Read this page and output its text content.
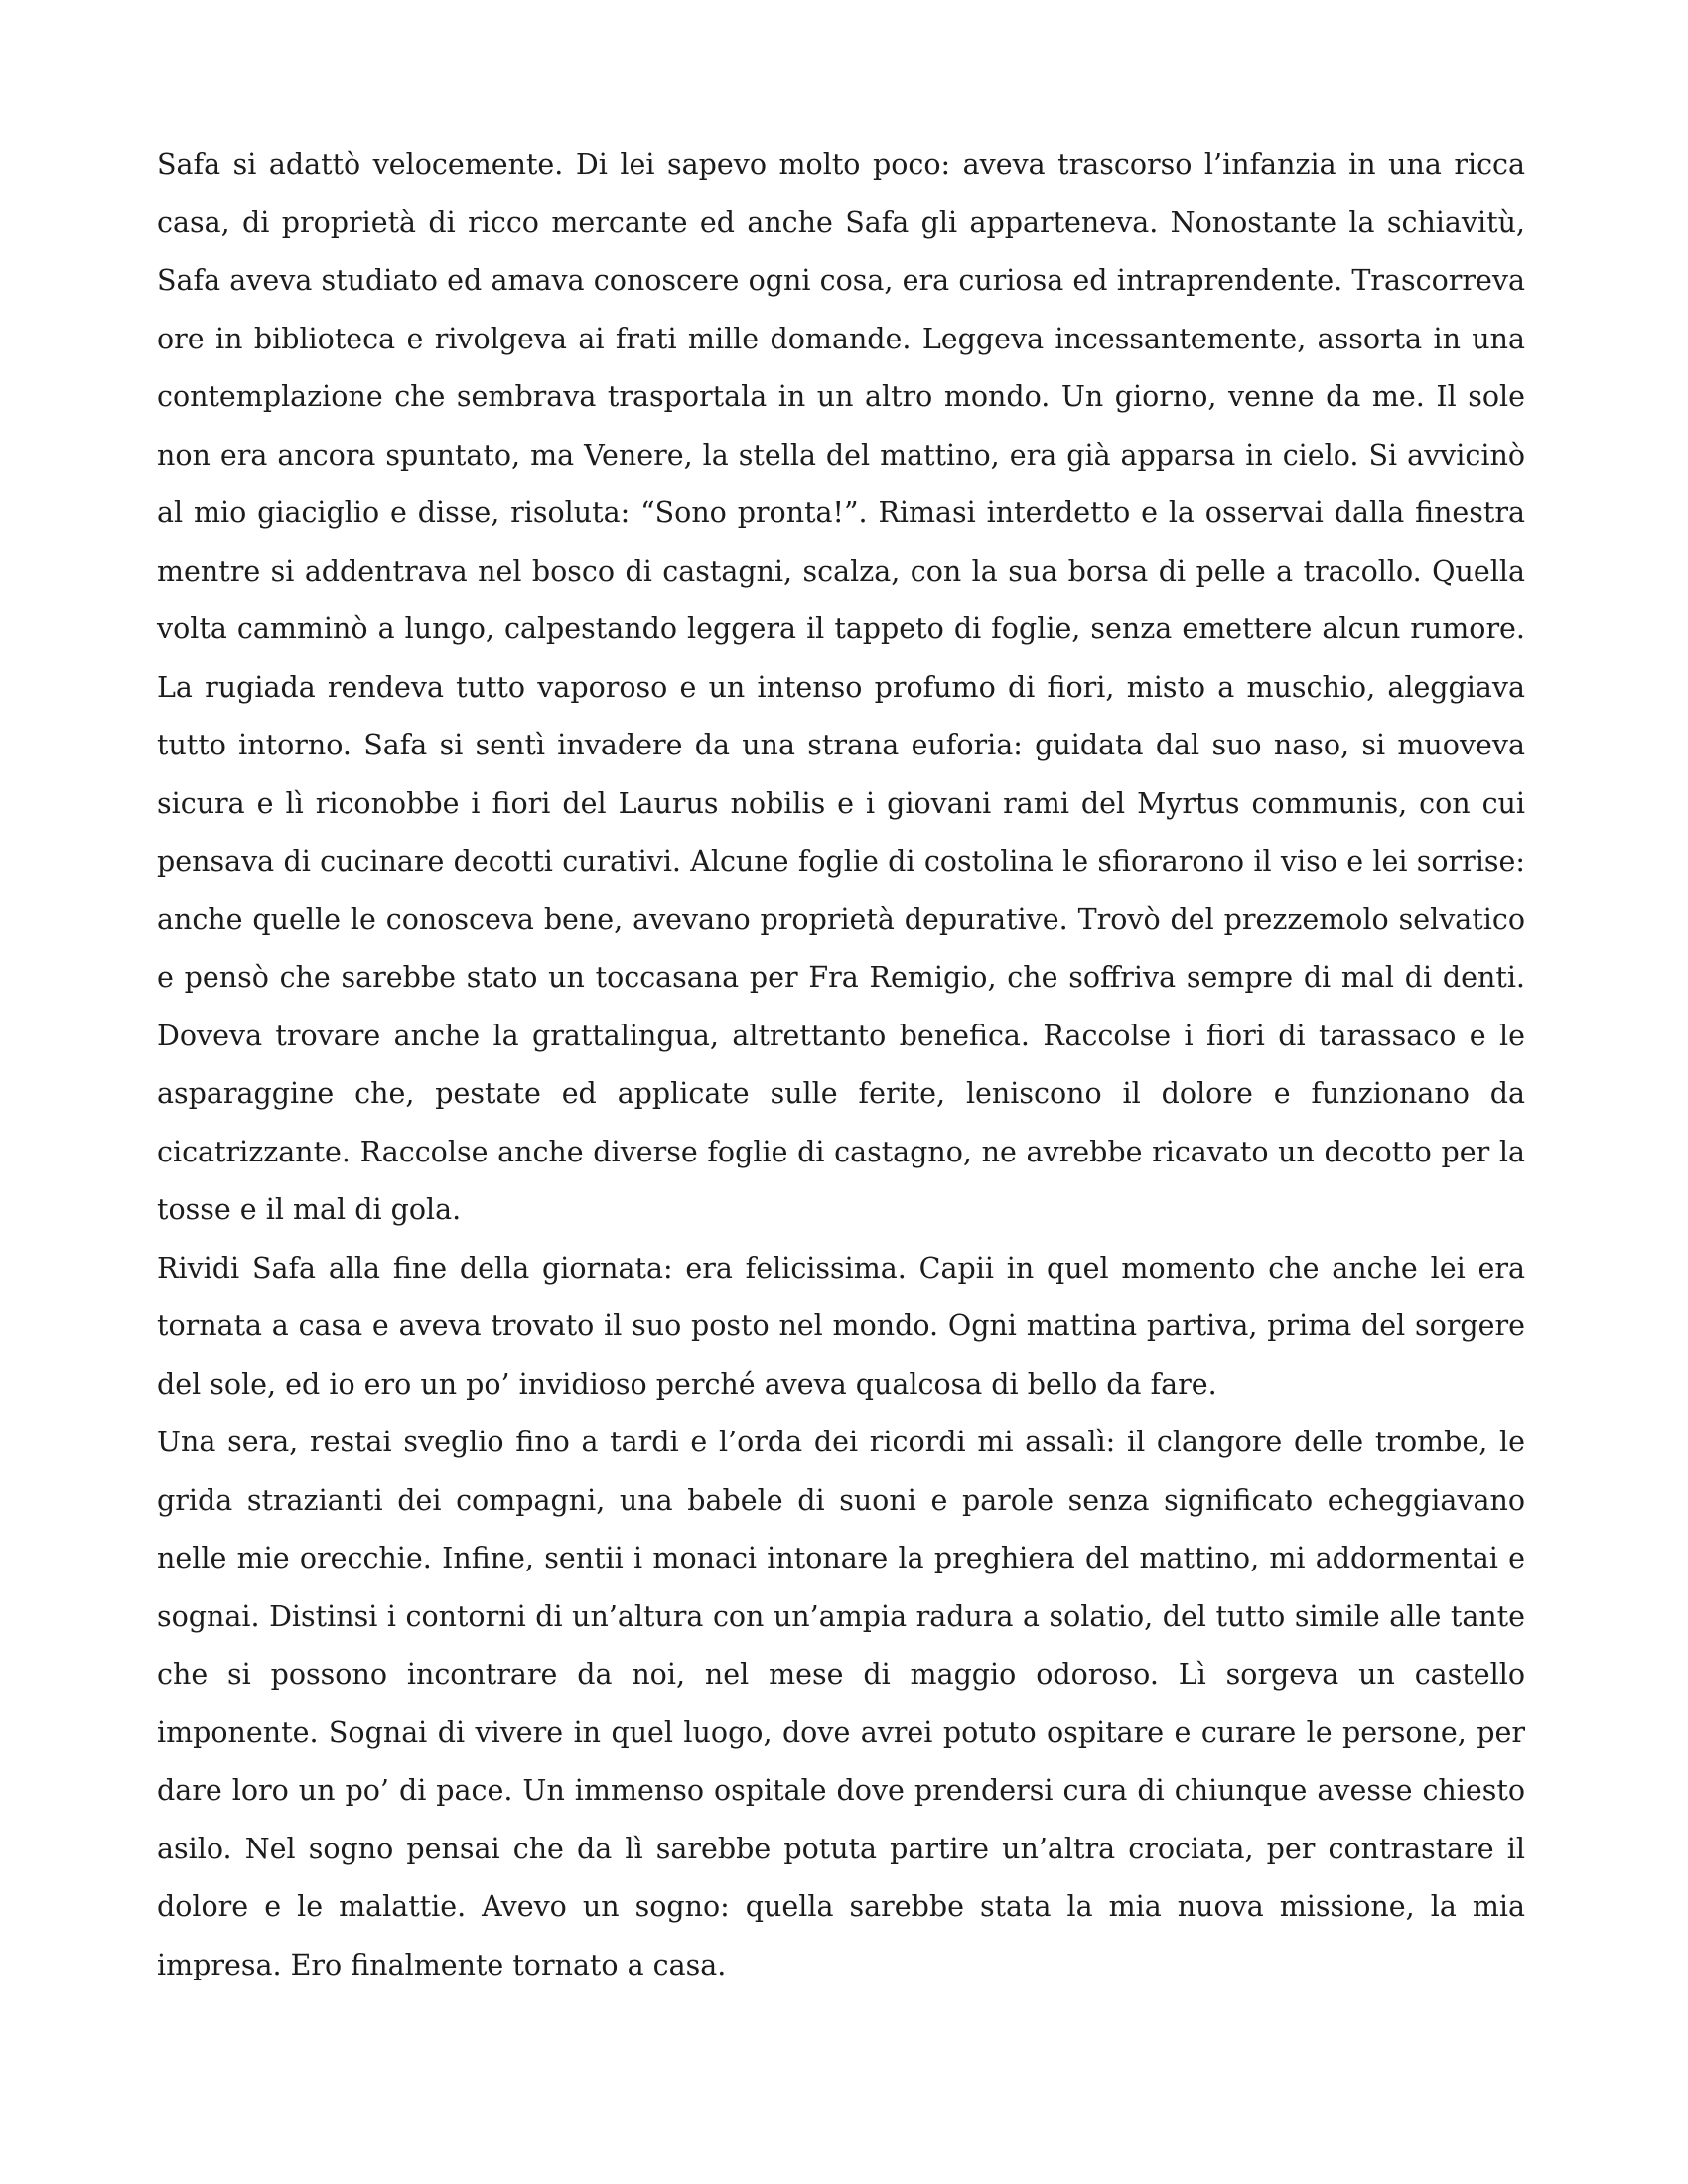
Safa si adattò velocemente. Di lei sapevo molto poco: aveva trascorso l’infanzia in una ricca casa, di proprietà di ricco mercante ed anche Safa gli apparteneva. Nonostante la schiavitù, Safa aveva studiato ed amava conoscere ogni cosa, era curiosa ed intraprendente. Trascorreva ore in biblioteca e rivolgeva ai frati mille domande. Leggeva incessantemente, assorta in una contemplazione che sembrava trasportala in un altro mondo. Un giorno, venne da me. Il sole non era ancora spuntato, ma Venere, la stella del mattino, era già apparsa in cielo. Si avvicinò al mio giaciglio e disse, risoluta: “Sono pronta!”. Rimasi interdetto e la osservai dalla finestra mentre si addentrava nel bosco di castagni, scalza, con la sua borsa di pelle a tracollo. Quella volta camminò a lungo, calpestando leggera il tappeto di foglie, senza emettere alcun rumore. La rugiada rendeva tutto vaporoso e un intenso profumo di fiori, misto a muschio, aleggiava tutto intorno. Safa si sentì invadere da una strana euforia: guidata dal suo naso, si muoveva sicura e lì riconobbe i fiori del Laurus nobilis e i giovani rami del Myrtus communis, con cui pensava di cucinare decotti curativi. Alcune foglie di costolina le sfiorarono il viso e lei sorrise: anche quelle le conosceva bene, avevano proprietà depurative. Trovò del prezzemolo selvatico e pensò che sarebbe stato un toccasana per Fra Remigio, che soffriva sempre di mal di denti. Doveva trovare anche la grattalingua, altrettanto benefica. Raccolse i fiori di tarassaco e le asparaggine che, pestate ed applicate sulle ferite, leniscono il dolore e funzionano da cicatrizzante. Raccolse anche diverse foglie di castagno, ne avrebbe ricavato un decotto per la tosse e il mal di gola.

Rividi Safa alla fine della giornata: era felicissima. Capii in quel momento che anche lei era tornata a casa e aveva trovato il suo posto nel mondo. Ogni mattina partiva, prima del sorgere del sole, ed io ero un po’ invidioso perché aveva qualcosa di bello da fare.

Una sera, restai sveglio fino a tardi e l’orda dei ricordi mi assalì: il clangore delle trombe, le grida strazianti dei compagni, una babele di suoni e parole senza significato echeggiavano nelle mie orecchie. Infine, sentii i monaci intonare la preghiera del mattino, mi addormentai e sognai. Distinsi i contorni di un’altura con un’ampia radura a solatio, del tutto simile alle tante che si possono incontrare da noi, nel mese di maggio odoroso. Lì sorgeva un castello imponente. Sognai di vivere in quel luogo, dove avrei potuto ospitare e curare le persone, per dare loro un po’ di pace. Un immenso ospitale dove prendersi cura di chiunque avesse chiesto asilo. Nel sogno pensai che da lì sarebbe potuta partire un’altra crociata, per contrastare il dolore e le malattie. Avevo un sogno: quella sarebbe stata la mia nuova missione, la mia impresa. Ero finalmente tornato a casa.
